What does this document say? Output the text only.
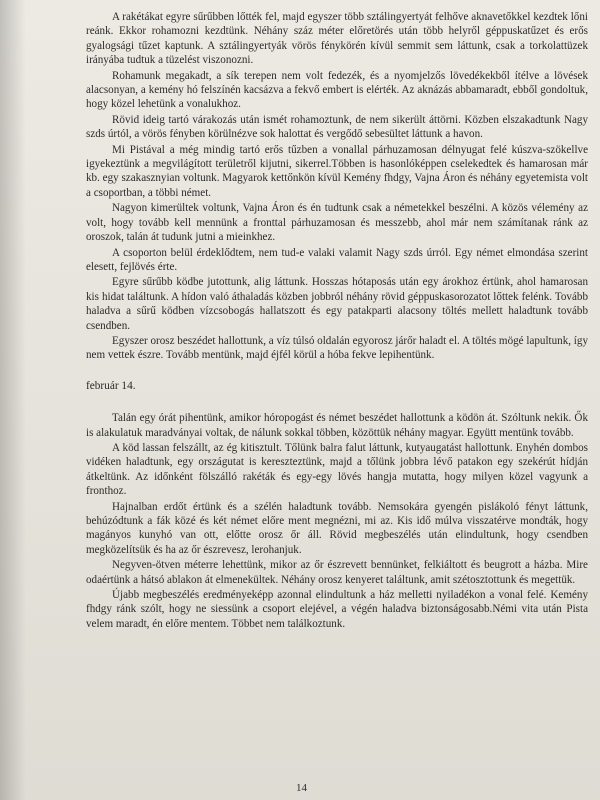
A rakétákat egyre sűrűbben lőtték fel, majd egyszer több sztálingyertyát felhőve aknavetőkkel kezdtek lőni reánk. Ekkor rohamozni kezdtünk. Néhány száz méter előretörés után több helyről géppuskatűzet és erős gyalogsági tűzet kaptunk. A sztálingyertyák vörös fénykörén kívül semmit sem láttunk, csak a torkolattüzek irányába tudtuk a tüzelést viszonozni.

Rohamunk megakadt, a sík terepen nem volt fedezék, és a nyomjelzős lövedékekből ítélve a lövések alacsonyan, a kemény hó felszínén kacsázva a fekvő embert is elérték. Az aknázás abbamaradt, ebből gondoltuk, hogy közel lehetünk a vonalukhoz.

Rövid ideig tartó várakozás után ismét rohamoztunk, de nem sikerült áttörni. Közben elszakadtunk Nagy szds úrtól, a vörös fényben körülnézve sok halottat és vergődő sebesültet láttunk a havon.

Mi Pistával a még mindig tartó erős tűzben a vonallal párhuzamosan délnyugat felé kúszva-szökellve igyekeztünk a megvilágított területről kijutni, sikerrel.Többen is hasonlóképpen cselekedtek és hamarosan már kb. egy szakasznyian voltunk. Magyarok kettőnkön kívül Kemény fhdgy, Vajna Áron és néhány egyetemista volt a csoportban, a többi német.

Nagyon kimerültek voltunk, Vajna Áron és én tudtunk csak a németekkel beszélni. A közös vélemény az volt, hogy tovább kell mennünk a fronttal párhuzamosan és messzebb, ahol már nem számítanak ránk az oroszok, talán át tudunk jutni a mieinkhez.

A csoporton belül érdeklődtem, nem tud-e valaki valamit Nagy szds úrról. Egy német elmondása szerint elesett, fejlövés érte.

Egyre sűrűbb ködbe jutottunk, alig láttunk. Hosszas hótaposás után egy árokhoz értünk, ahol hamarosan kis hidat találtunk. A hídon való áthaladás közben jobbról néhány rövid géppuskasorozatot lőttek felénk. Tovább haladva a sűrű ködben vízcsobogás hallatszott és egy patakparti alacsony töltés mellett haladtunk tovább csendben.

Egyszer orosz beszédet hallottunk, a víz túlsó oldalán egyorosz járőr haladt el. A töltés mögé lapultunk, így nem vettek észre. Tovább mentünk, majd éjfél körül a hóba fekve lepihentünk.

február 14.

Talán egy órát pihentünk, amikor hóropogást és német beszédet hallottunk a ködön át. Szóltunk nekik. Ők is alakulatuk maradványai voltak, de nálunk sokkal többen, közöttük néhány magyar. Együtt mentünk tovább.

A köd lassan felszállt, az ég kitisztult. Tőlünk balra falut láttunk, kutyaugatást hallottunk. Enyhén dombos vidéken haladtunk, egy országutat is kereszteztünk, majd a tőlünk jobbra lévő patakon egy szekérút hídján átkeltünk. Az időnként fölszálló rakéták és egy-egy lövés hangja mutatta, hogy milyen közel vagyunk a fronthoz.

Hajnalban erdőt értünk és a szélén haladtunk tovább. Nemsokára gyengén pislákoló fényt láttunk, behúzódtunk a fák közé és két német előre ment megnézni, mi az. Kis idő múlva visszatérve mondták, hogy magányos kunyhó van ott, előtte orosz őr áll. Rövid megbeszélés után elindultunk, hogy csendben megközelítsük és ha az őr észrevesz, lerohanjuk.

Negyven-ötven méterre lehettünk, mikor az őr észrevett bennünket, felkiáltott és beugrott a házba. Mire odaértünk a hátsó ablakon át elmenekültek. Néhány orosz kenyeret találtunk, amit szétosztottunk és megettük.

Újabb megbeszélés eredményeképp azonnal elindultunk a ház melletti nyiladékon a vonal felé. Kemény fhdgy ránk szólt, hogy ne siessünk a csoport elejével, a végén haladva biztonságosabb.Némi vita után Pista velem maradt, én előre mentem. Többet nem találkoztunk.

14
